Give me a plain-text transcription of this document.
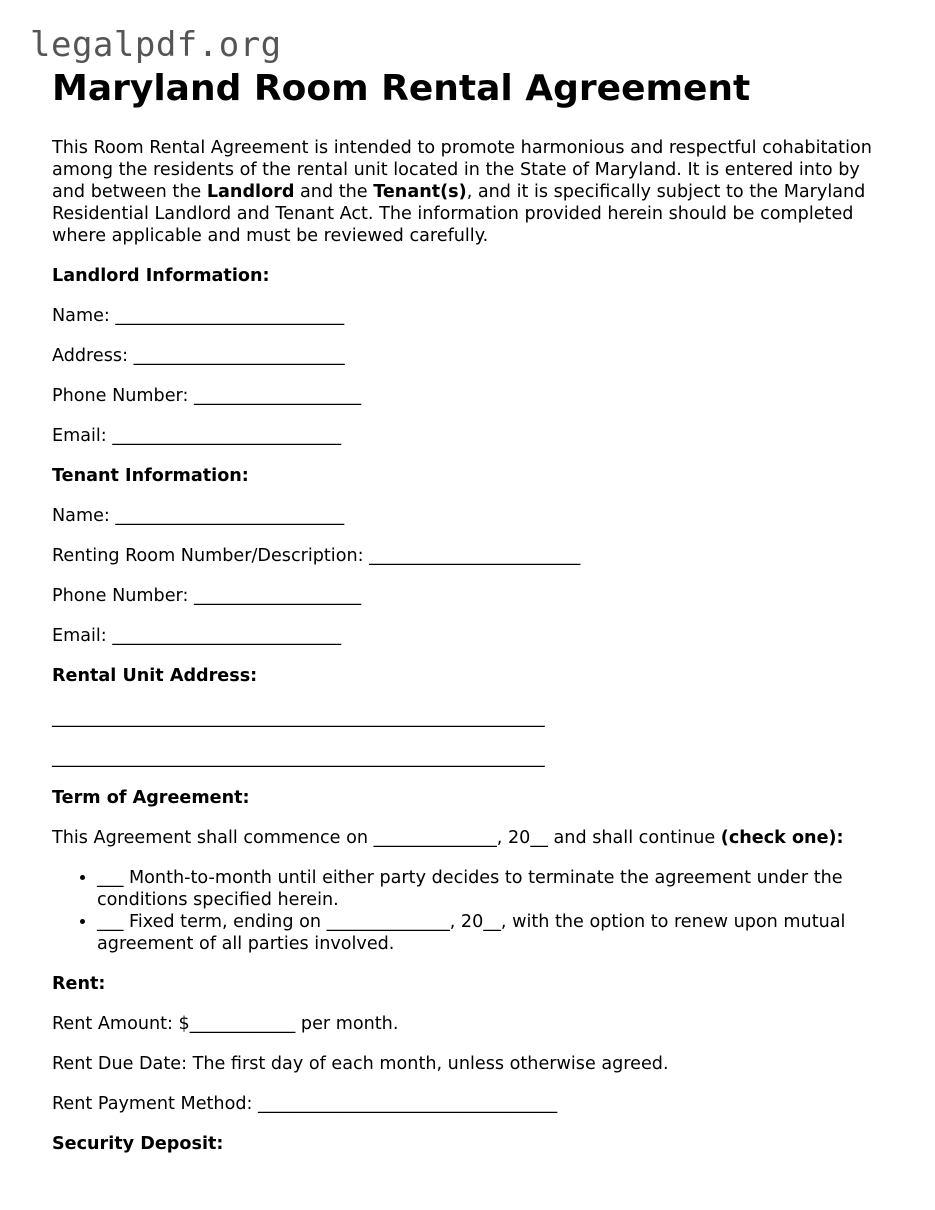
legalpdf.org
Maryland Room Rental Agreement

This Room Rental Agreement is intended to promote harmonious and respectful cohabitation among the residents of the rental unit located in the State of Maryland. It is entered into by and between the Landlord and the Tenant(s), and it is specifically subject to the Maryland Residential Landlord and Tenant Act. The information provided herein should be completed where applicable and must be reviewed carefully.

Landlord Information:

Name: __________________________

Address: ________________________

Phone Number: ___________________

Email: __________________________

Tenant Information:

Name: __________________________

Renting Room Number/Description: ________________________

Phone Number: ___________________

Email: __________________________

Rental Unit Address:

________________________________________________________

________________________________________________________

Term of Agreement:

This Agreement shall commence on ______________, 20__ and shall continue (check one):

• ___ Month-to-month until either party decides to terminate the agreement under the conditions specified herein.
• ___ Fixed term, ending on ______________, 20__, with the option to renew upon mutual agreement of all parties involved.

Rent:

Rent Amount: $____________ per month.

Rent Due Date: The first day of each month, unless otherwise agreed.

Rent Payment Method: __________________________________

Security Deposit:
